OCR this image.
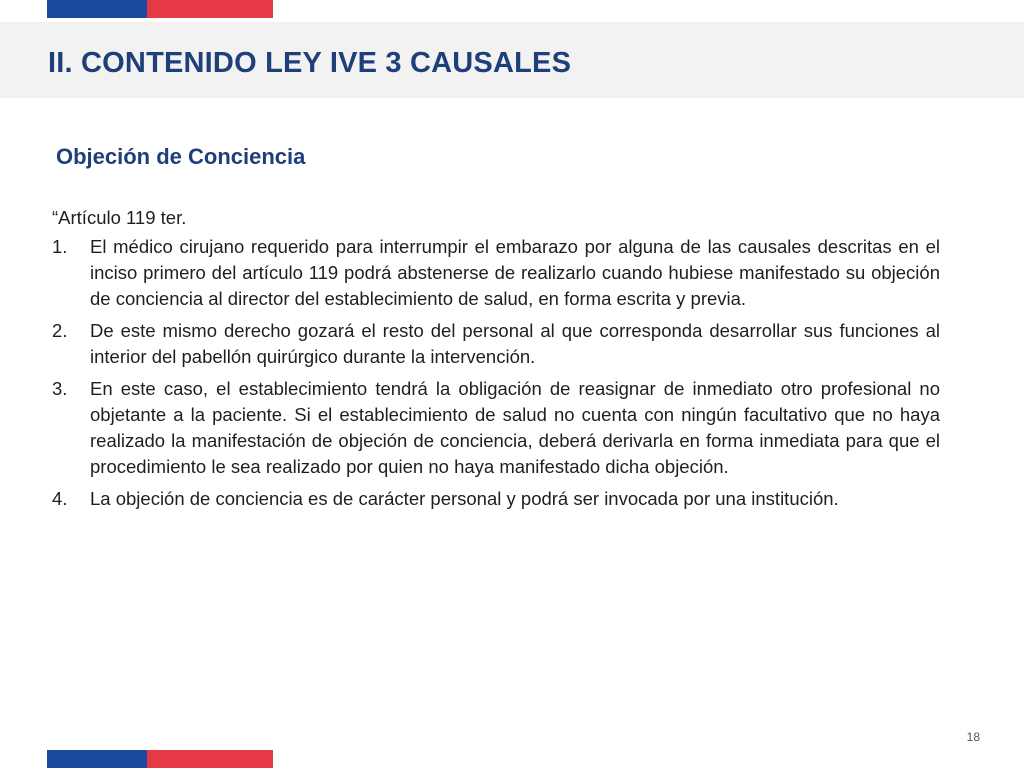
II. CONTENIDO LEY IVE 3 CAUSALES
Objeción de Conciencia

“Artículo 119 ter.

1.	El médico cirujano requerido para interrumpir el embarazo por alguna de las causales descritas en el inciso primero del artículo 119 podrá abstenerse de realizarlo cuando hubiese manifestado su objeción de conciencia al director del establecimiento de salud, en forma escrita y previa.
2.	De este mismo derecho gozará el resto del personal al que corresponda desarrollar sus funciones al interior del pabellón quirúrgico durante la intervención.
3.	En este caso, el establecimiento tendrá la obligación de reasignar de inmediato otro profesional no objetante a la paciente. Si el establecimiento de salud no cuenta con ningún facultativo que no haya realizado la manifestación de objeción de conciencia, deberá derivarla en forma inmediata para que el procedimiento le sea realizado por quien no haya manifestado dicha objeción.
4.	La objeción de conciencia es de carácter personal y podrá ser invocada por una institución.
18
